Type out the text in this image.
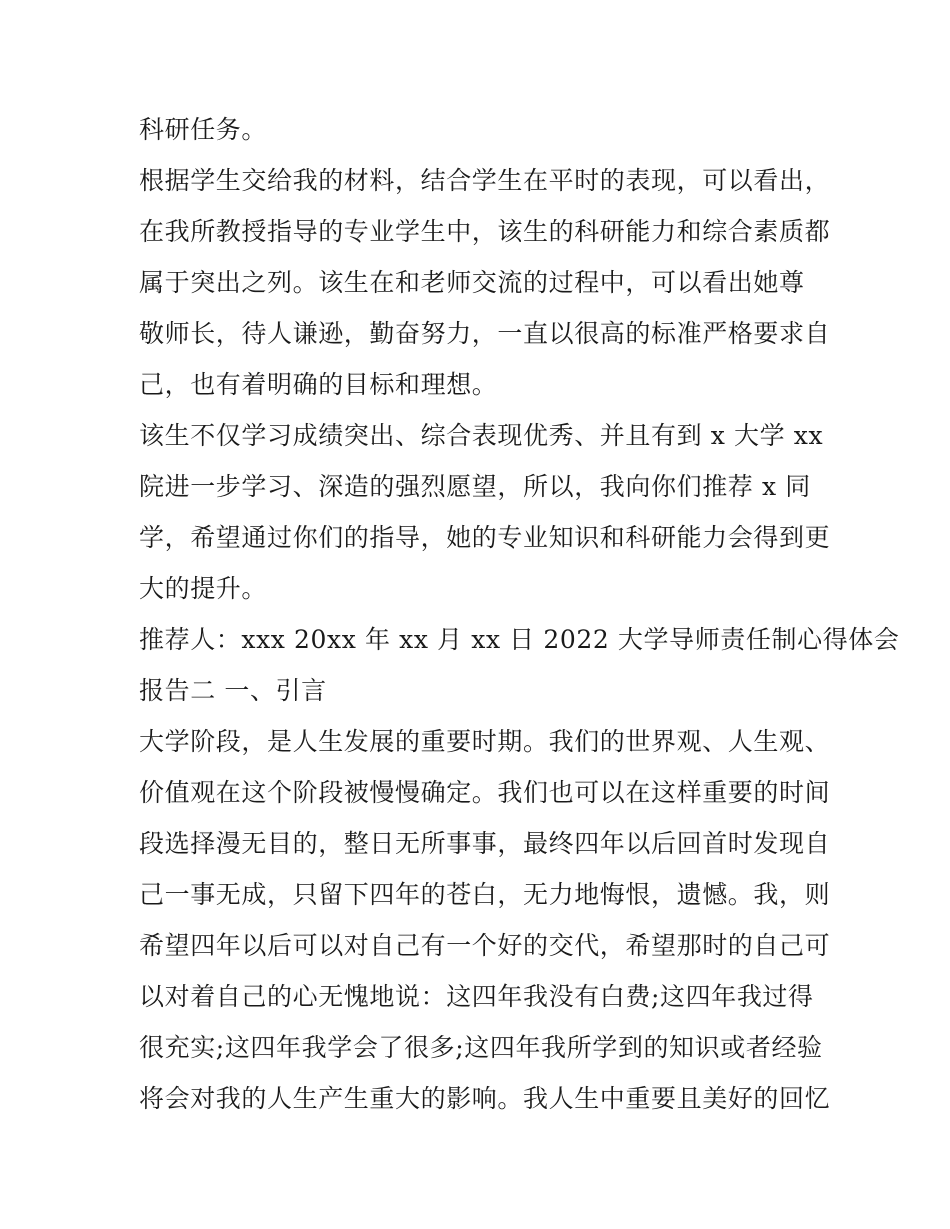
科研任务。
根据学生交给我的材料，结合学生在平时的表现，可以看出，
在我所教授指导的专业学生中，该生的科研能力和综合素质都
属于突出之列。该生在和老师交流的过程中，可以看出她尊
敬师长，待人谦逊，勤奋努力，一直以很高的标准严格要求自
己，也有着明确的目标和理想。
该生不仅学习成绩突出、综合表现优秀、并且有到 x 大学 xx
院进一步学习、深造的强烈愿望，所以，我向你们推荐 x 同
学，希望通过你们的指导，她的专业知识和科研能力会得到更
大的提升。
推荐人：xxx 20xx 年 xx 月 xx 日 2022 大学导师责任制心得体会
报告二 一、引言
大学阶段，是人生发展的重要时期。我们的世界观、人生观、
价值观在这个阶段被慢慢确定。我们也可以在这样重要的时间
段选择漫无目的，整日无所事事，最终四年以后回首时发现自
己一事无成，只留下四年的苍白，无力地悔恨，遗憾。我，则
希望四年以后可以对自己有一个好的交代，希望那时的自己可
以对着自己的心无愧地说：这四年我没有白费;这四年我过得
很充实;这四年我学会了很多;这四年我所学到的知识或者经验
将会对我的人生产生重大的影响。我人生中重要且美好的回忆
